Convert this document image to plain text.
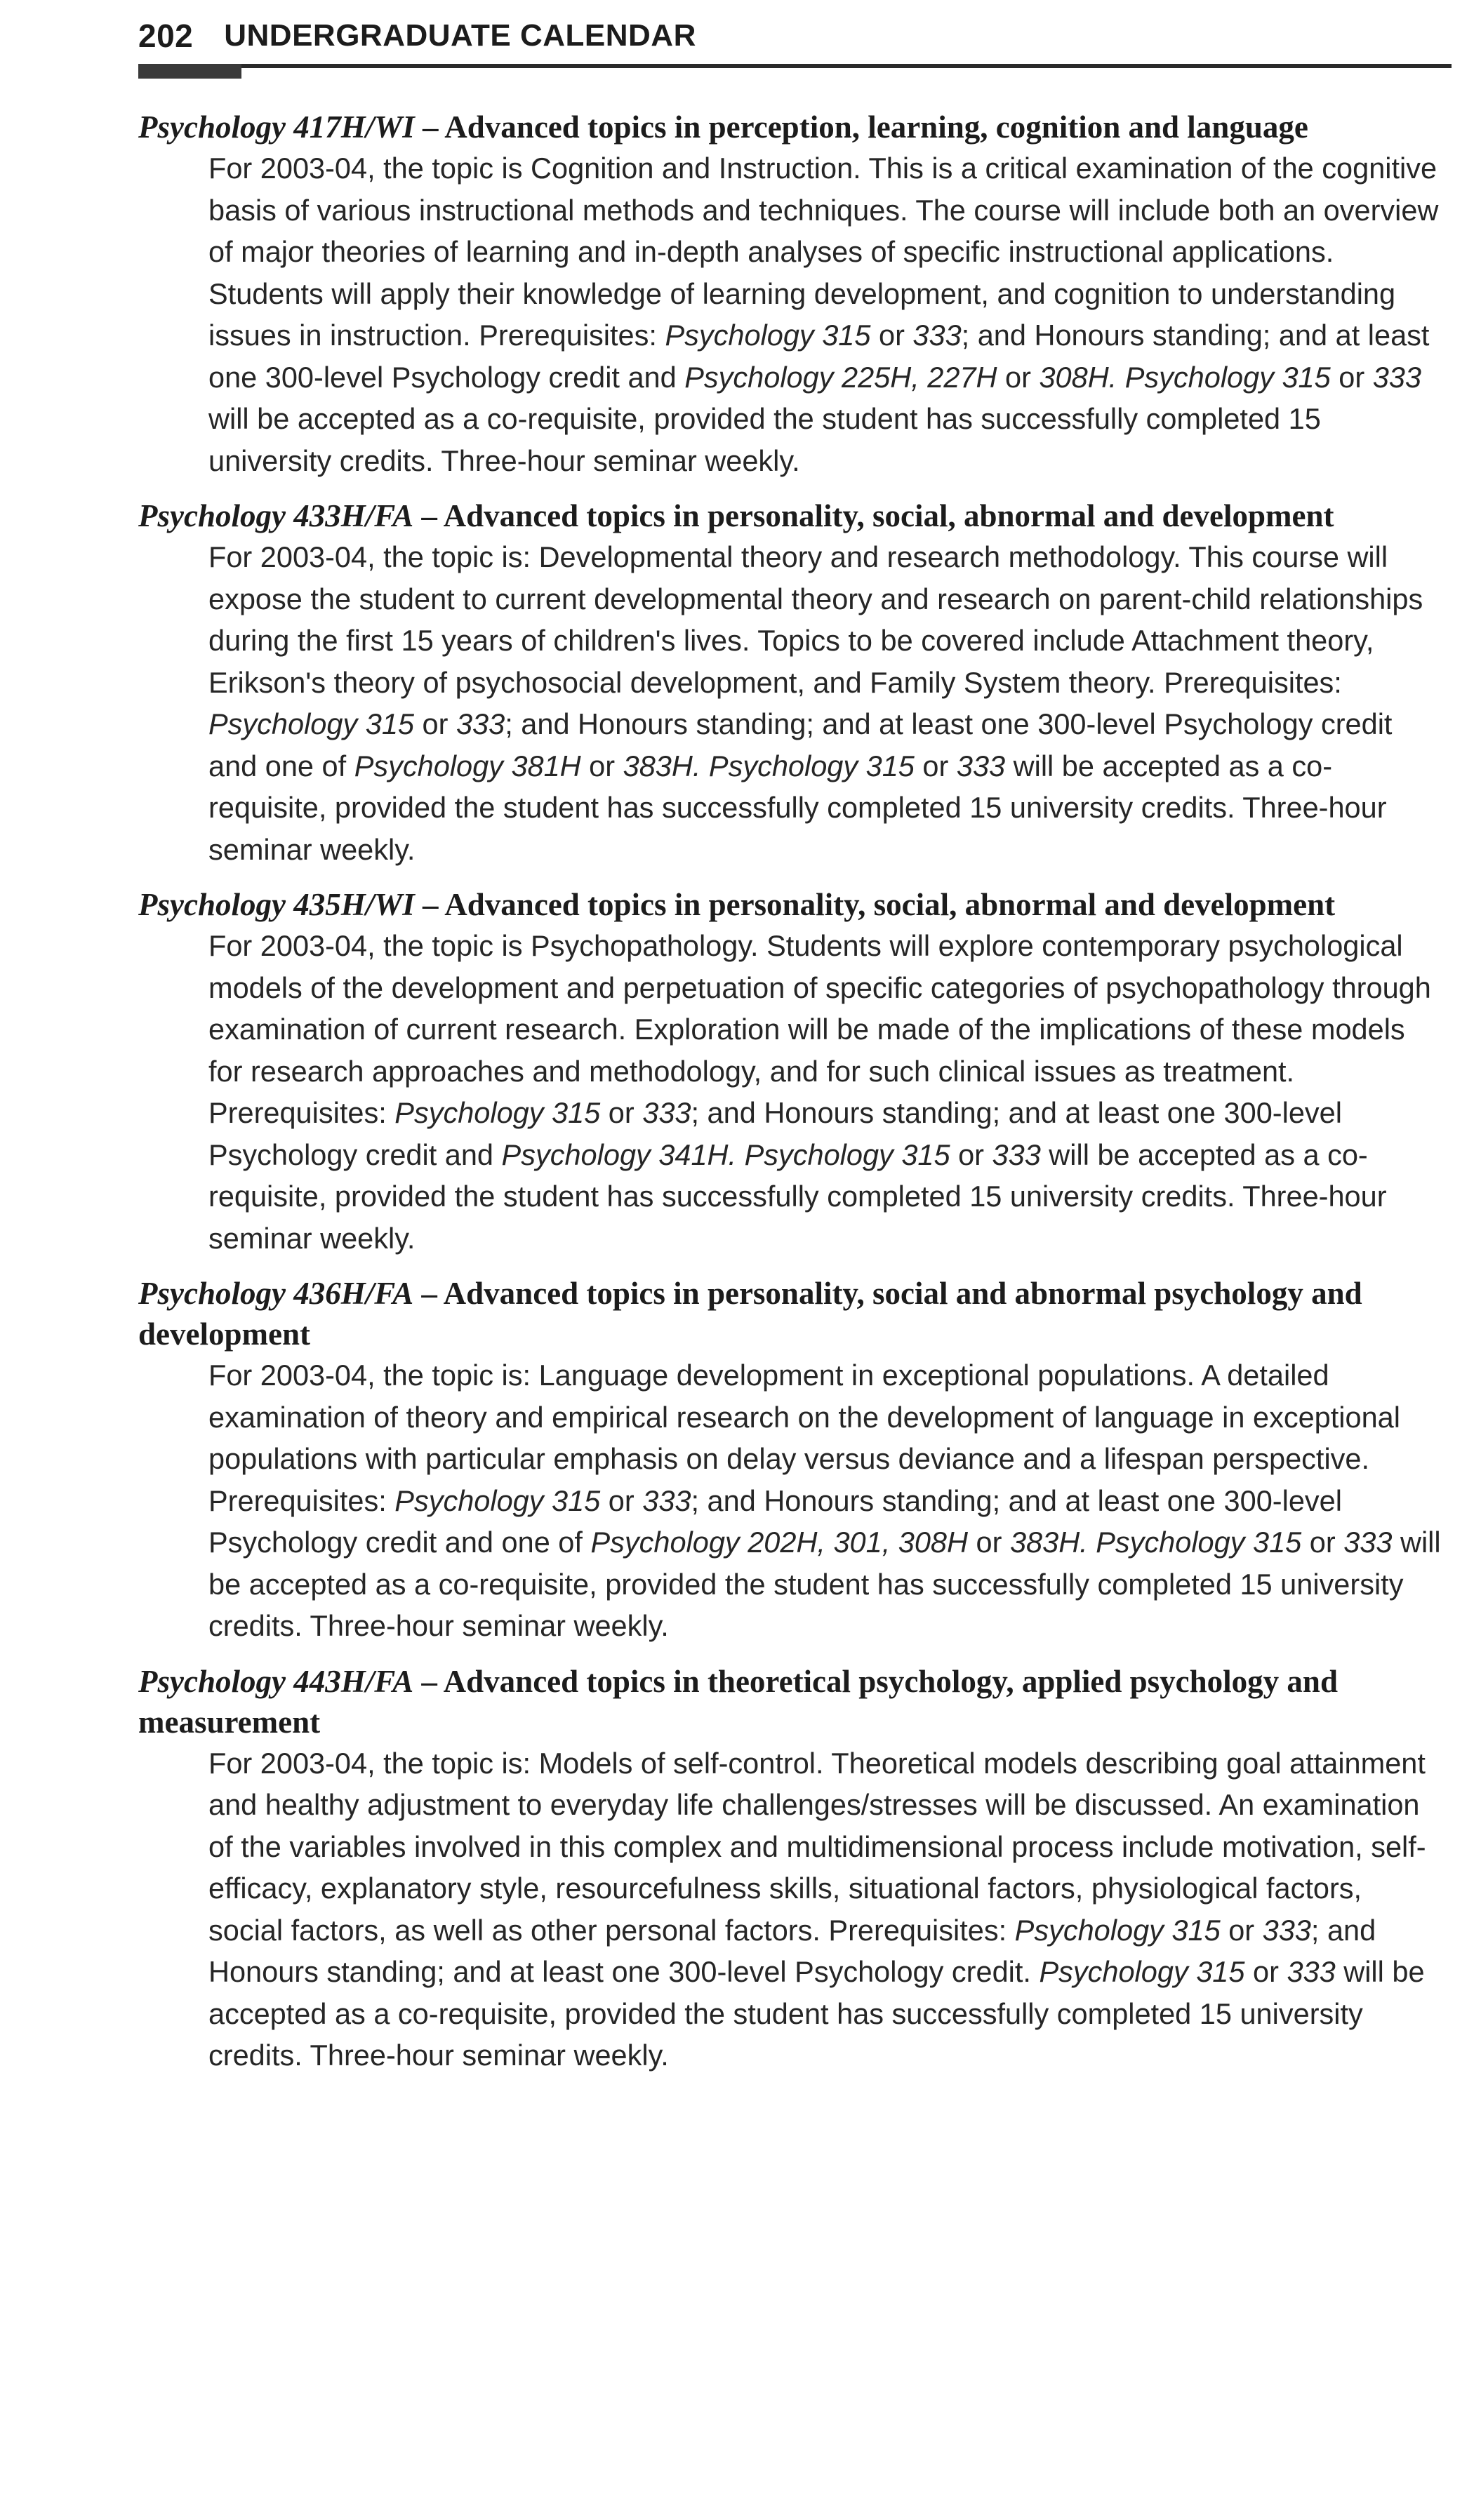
202 UNDERGRADUATE CALENDAR
Psychology 417H/WI – Advanced topics in perception, learning, cognition and language
For 2003-04, the topic is Cognition and Instruction. This is a critical examination of the cognitive basis of various instructional methods and techniques. The course will include both an overview of major theories of learning and in-depth analyses of specific instructional applications. Students will apply their knowledge of learning development, and cognition to understanding issues in instruction. Prerequisites: Psychology 315 or 333; and Honours standing; and at least one 300-level Psychology credit and Psychology 225H, 227H or 308H. Psychology 315 or 333 will be accepted as a co-requisite, provided the student has successfully completed 15 university credits. Three-hour seminar weekly.
Psychology 433H/FA – Advanced topics in personality, social, abnormal and development
For 2003-04, the topic is: Developmental theory and research methodology. This course will expose the student to current developmental theory and research on parent-child relationships during the first 15 years of children's lives. Topics to be covered include Attachment theory, Erikson's theory of psychosocial development, and Family System theory. Prerequisites: Psychology 315 or 333; and Honours standing; and at least one 300-level Psychology credit and one of Psychology 381H or 383H. Psychology 315 or 333 will be accepted as a co-requisite, provided the student has successfully completed 15 university credits. Three-hour seminar weekly.
Psychology 435H/WI – Advanced topics in personality, social, abnormal and development
For 2003-04, the topic is Psychopathology. Students will explore contemporary psychological models of the development and perpetuation of specific categories of psychopathology through examination of current research. Exploration will be made of the implications of these models for research approaches and methodology, and for such clinical issues as treatment. Prerequisites: Psychology 315 or 333; and Honours standing; and at least one 300-level Psychology credit and Psychology 341H. Psychology 315 or 333 will be accepted as a co-requisite, provided the student has successfully completed 15 university credits. Three-hour seminar weekly.
Psychology 436H/FA – Advanced topics in personality, social and abnormal psychology and development
For 2003-04, the topic is: Language development in exceptional populations. A detailed examination of theory and empirical research on the development of language in exceptional populations with particular emphasis on delay versus deviance and a lifespan perspective. Prerequisites: Psychology 315 or 333; and Honours standing; and at least one 300-level Psychology credit and one of Psychology 202H, 301, 308H or 383H. Psychology 315 or 333 will be accepted as a co-requisite, provided the student has successfully completed 15 university credits. Three-hour seminar weekly.
Psychology 443H/FA – Advanced topics in theoretical psychology, applied psychology and measurement
For 2003-04, the topic is: Models of self-control. Theoretical models describing goal attainment and healthy adjustment to everyday life challenges/stresses will be discussed. An examination of the variables involved in this complex and multidimensional process include motivation, self-efficacy, explanatory style, resourcefulness skills, situational factors, physiological factors, social factors, as well as other personal factors. Prerequisites: Psychology 315 or 333; and Honours standing; and at least one 300-level Psychology credit. Psychology 315 or 333 will be accepted as a co-requisite, provided the student has successfully completed 15 university credits. Three-hour seminar weekly.
